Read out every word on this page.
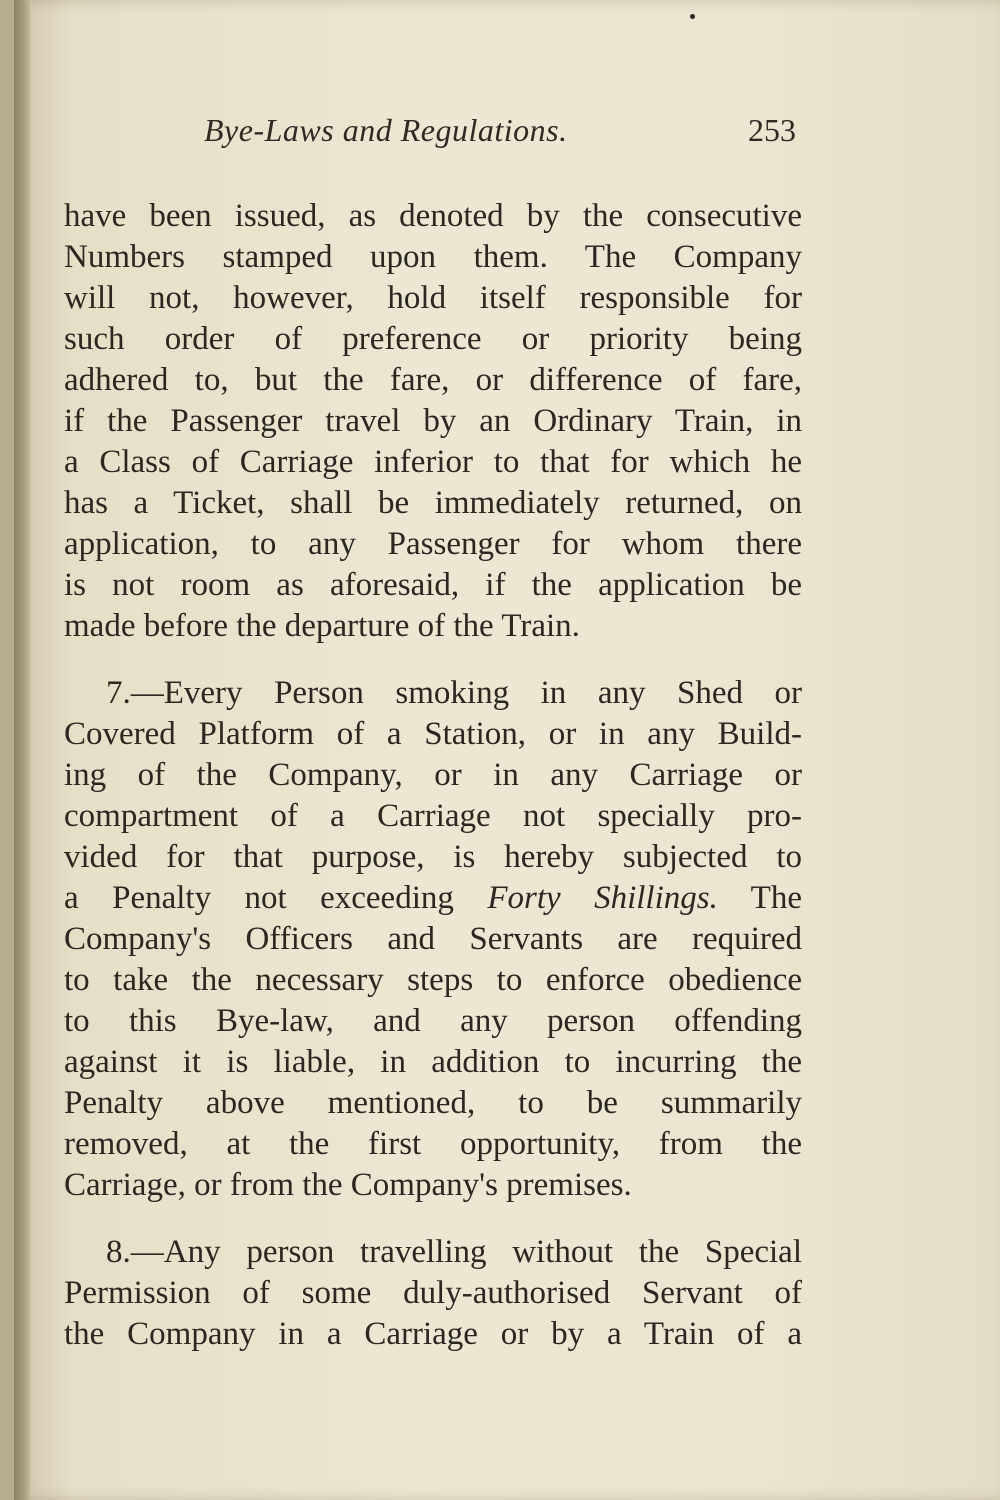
Bye-Laws and Regulations.	253
have been issued, as denoted by the consecutive
Numbers stamped upon them. The Company
will not, however, hold itself responsible for
such order of preference or priority being
adhered to, but the fare, or difference of fare,
if the Passenger travel by an Ordinary Train, in
a Class of Carriage inferior to that for which he
has a Ticket, shall be immediately returned, on
application, to any Passenger for whom there
is not room as aforesaid, if the application be
made before the departure of the Train.
7.—Every Person smoking in any Shed or
Covered Platform of a Station, or in any Build-
ing of the Company, or in any Carriage or
compartment of a Carriage not specially pro-
vided for that purpose, is hereby subjected to
a Penalty not exceeding Forty Shillings. The
Company's Officers and Servants are required
to take the necessary steps to enforce obedience
to this Bye-law, and any person offending
against it is liable, in addition to incurring the
Penalty above mentioned, to be summarily
removed, at the first opportunity, from the
Carriage, or from the Company's premises.
8.—Any person travelling without the Special
Permission of some duly-authorised Servant of
the Company in a Carriage or by a Train of a
